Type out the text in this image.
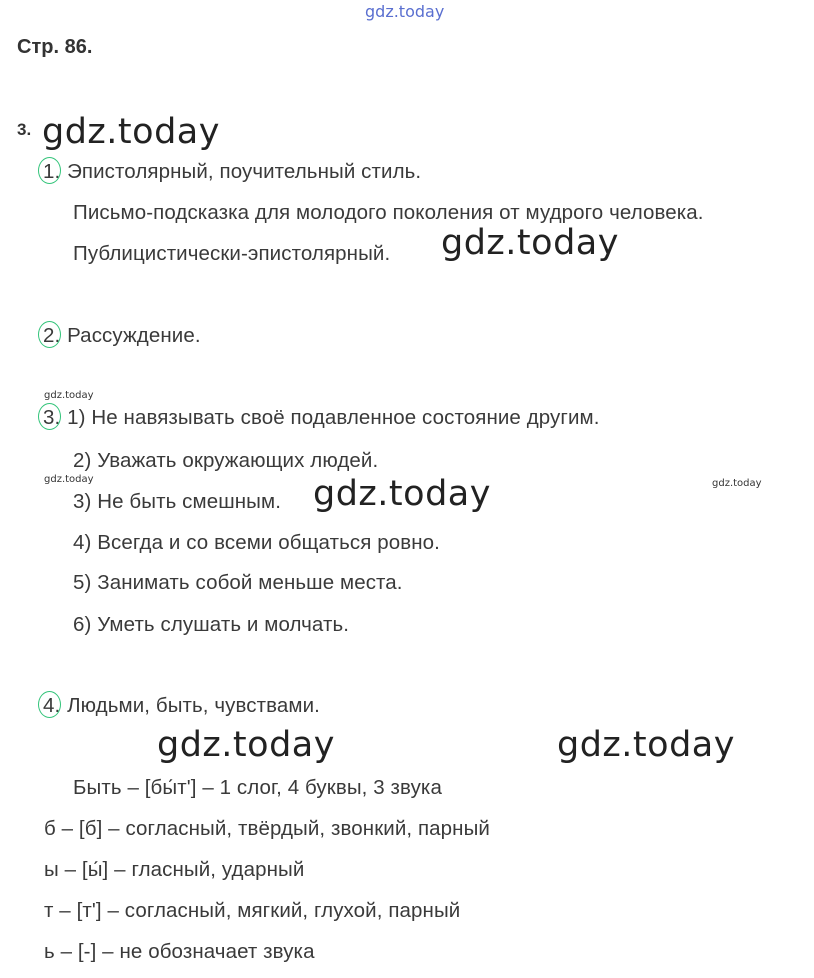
gdz.today
Стр. 86.
3. gdz.today
1. Эпистолярный, поучительный стиль.
Письмо-подсказка для молодого поколения от мудрого человека.
Публицистически-эпистолярный. gdz.today
2. Рассуждение.
gdz.today
3. 1) Не навязывать своё подавленное состояние другим.
2) Уважать окружающих людей.
gdz.today
3) Не быть смешным. gdz.today	gdz.today
4) Всегда и со всеми общаться ровно.
5) Занимать собой меньше места.
6) Уметь слушать и молчать.
4. Людьми, быть, чувствами.
gdz.today	gdz.today
Быть – [бы́т'] – 1 слог, 4 буквы, 3 звука
б – [б] – согласный, твёрдый, звонкий, парный
ы – [ы́] – гласный, ударный
т – [т'] – согласный, мягкий, глухой, парный
ь – [-] – не обозначает звука
